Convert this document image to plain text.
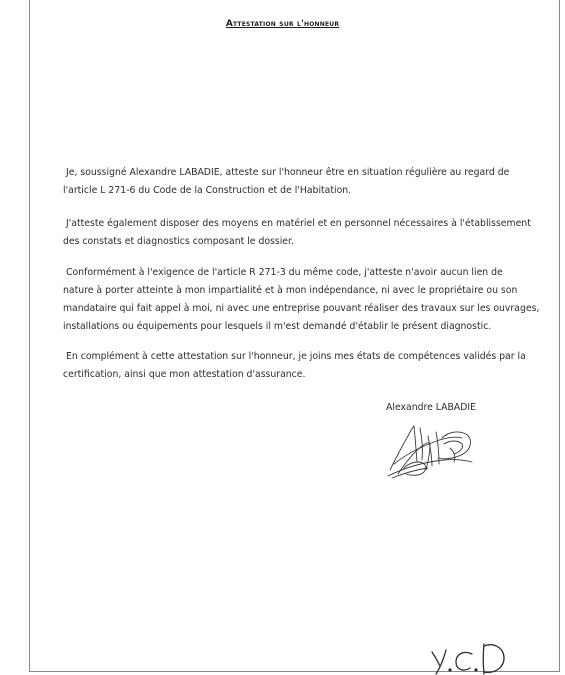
Attestation sur l'honneur

Je, soussigné Alexandre LABADIE, atteste sur l'honneur être en situation régulière au regard de
l'article L 271-6 du Code de la Construction et de l'Habitation.

J'atteste également disposer des moyens en matériel et en personnel nécessaires à l'établissement
des constats et diagnostics composant le dossier.

Conformément à l'exigence de l'article R 271-3 du même code, j'atteste n'avoir aucun lien de
nature à porter atteinte à mon impartialité et à mon indépendance, ni avec le propriétaire ou son
mandataire qui fait appel à moi, ni avec une entreprise pouvant réaliser des travaux sur les ouvrages,
installations ou équipements pour lesquels il m'est demandé d'établir le présent diagnostic.

En complément à cette attestation sur l'honneur, je joins mes états de compétences validés par la
certification, ainsi que mon attestation d'assurance.

Alexandre LABADIE
